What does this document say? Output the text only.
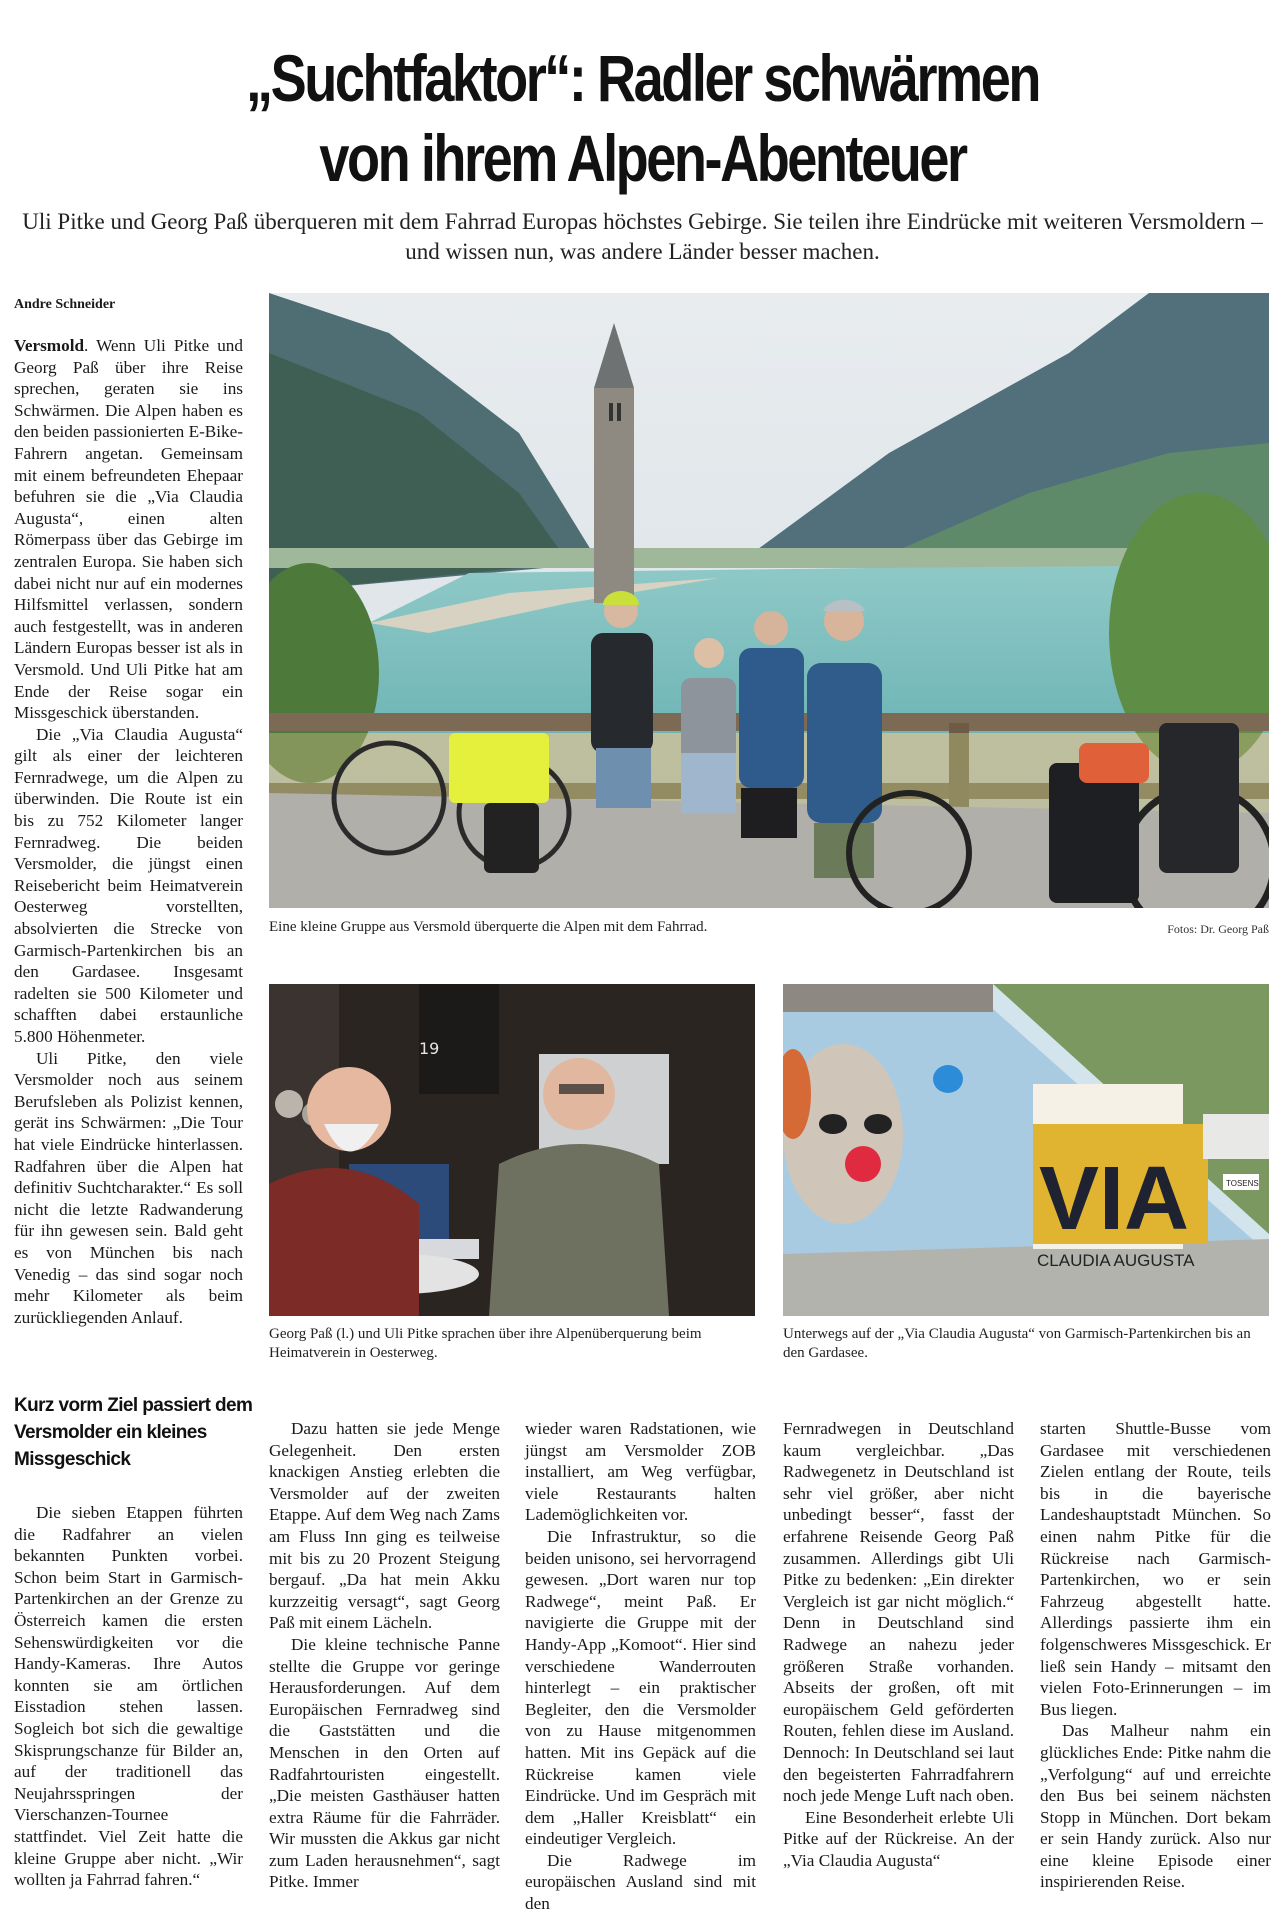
„Suchtfaktor“: Radler schwärmen
von ihrem Alpen-Abenteuer
Uli Pitke und Georg Paß überqueren mit dem Fahrrad Europas höchstes Gebirge. Sie teilen ihre Eindrücke mit weiteren Versmoldern – und wissen nun, was andere Länder besser machen.
Andre Schneider

Versmold. Wenn Uli Pitke und Georg Paß über ihre Reise sprechen, geraten sie ins Schwärmen. Die Alpen haben es den beiden passionierten E-Bike-Fahrern angetan. Gemeinsam mit einem befreundeten Ehepaar befuhren sie die „Via Claudia Augusta“, einen alten Römerpass über das Gebirge im zentralen Europa. Sie haben sich dabei nicht nur auf ein modernes Hilfsmittel verlassen, sondern auch festgestellt, was in anderen Ländern Europas besser ist als in Versmold. Und Uli Pitke hat am Ende der Reise sogar ein Missgeschick überstanden.

Die „Via Claudia Augusta“ gilt als einer der leichteren Fernradwege, um die Alpen zu überwinden. Die Route ist ein bis zu 752 Kilometer langer Fernradweg. Die beiden Versmolder, die jüngst einen Reisebericht beim Heimatverein Oesterweg vorstellten, absolvierten die Strecke von Garmisch-Partenkirchen bis an den Gardasee. Insgesamt radelten sie 500 Kilometer und schafften dabei erstaunliche 5.800 Höhenmeter.

Uli Pitke, den viele Versmolder noch aus seinem Berufsleben als Polizist kennen, gerät ins Schwärmen: „Die Tour hat viele Eindrücke hinterlassen. Radfahren über die Alpen hat definitiv Suchtcharakter.“ Es soll nicht die letzte Radwanderung für ihn gewesen sein. Bald geht es von München bis nach Venedig – das sind sogar noch mehr Kilometer als beim zurückliegenden Anlauf.

Eine kleine Gruppe aus Versmold überquerte die Alpen mit dem Fahrrad.	Fotos: Dr. Georg Paß
19
Georg Paß (l.) und Uli Pitke sprachen über ihre Alpenüberquerung beim Heimatverein in Oesterweg.
VIA
CLAUDIA AUGUSTA
TOSENS
Unterwegs auf der „Via Claudia Augusta“ von Garmisch-Partenkirchen bis an den Gardasee.
Kurz vorm Ziel passiert dem Versmolder ein kleines Missgeschick

Die sieben Etappen führten die Radfahrer an vielen bekannten Punkten vorbei. Schon beim Start in Garmisch-Partenkirchen an der Grenze zu Österreich kamen die ersten Sehenswürdigkeiten vor die Handy-Kameras. Ihre Autos konnten sie am örtlichen Eisstadion stehen lassen. Sogleich bot sich die gewaltige Skisprungschanze für Bilder an, auf der traditionell das Neujahrsspringen der Vierschanzen-Tournee stattfindet. Viel Zeit hatte die kleine Gruppe aber nicht. „Wir wollten ja Fahrrad fahren.“

Dazu hatten sie jede Menge Gelegenheit. Den ersten knackigen Anstieg erlebten die Versmolder auf der zweiten Etappe. Auf dem Weg nach Zams am Fluss Inn ging es teilweise mit bis zu 20 Prozent Steigung bergauf. „Da hat mein Akku kurzzeitig versagt“, sagt Georg Paß mit einem Lächeln.

Die kleine technische Panne stellte die Gruppe vor geringe Herausforderungen. Auf dem Europäischen Fernradweg sind die Gaststätten und die Menschen in den Orten auf Radfahrtouristen eingestellt. „Die meisten Gasthäuser hatten extra Räume für die Fahrräder. Wir mussten die Akkus gar nicht zum Laden herausnehmen“, sagt Pitke. Immer

wieder waren Radstationen, wie jüngst am Versmolder ZOB installiert, am Weg verfügbar, viele Restaurants halten Lademöglichkeiten vor.

Die Infrastruktur, so die beiden unisono, sei hervorragend gewesen. „Dort waren nur top Radwege“, meint Paß. Er navigierte die Gruppe mit der Handy-App „Komoot“. Hier sind verschiedene Wanderrouten hinterlegt – ein praktischer Begleiter, den die Versmolder von zu Hause mitgenommen hatten. Mit ins Gepäck auf die Rückreise kamen viele Eindrücke. Und im Gespräch mit dem „Haller Kreisblatt“ ein eindeutiger Vergleich.

Die Radwege im europäischen Ausland sind mit den

Fernradwegen in Deutschland kaum vergleichbar. „Das Radwegenetz in Deutschland ist sehr viel größer, aber nicht unbedingt besser“, fasst der erfahrene Reisende Georg Paß zusammen. Allerdings gibt Uli Pitke zu bedenken: „Ein direkter Vergleich ist gar nicht möglich.“ Denn in Deutschland sind Radwege an nahezu jeder größeren Straße vorhanden. Abseits der großen, oft mit europäischem Geld geförderten Routen, fehlen diese im Ausland. Dennoch: In Deutschland sei laut den begeisterten Fahrradfahrern noch jede Menge Luft nach oben.

Eine Besonderheit erlebte Uli Pitke auf der Rückreise. An der „Via Claudia Augusta“

starten Shuttle-Busse vom Gardasee mit verschiedenen Zielen entlang der Route, teils bis in die bayerische Landeshauptstadt München. So einen nahm Pitke für die Rückreise nach Garmisch-Partenkirchen, wo er sein Fahrzeug abgestellt hatte. Allerdings passierte ihm ein folgenschweres Missgeschick. Er ließ sein Handy – mitsamt den vielen Foto-Erinnerungen – im Bus liegen.

Das Malheur nahm ein glückliches Ende: Pitke nahm die „Verfolgung“ auf und erreichte den Bus bei seinem nächsten Stopp in München. Dort bekam er sein Handy zurück. Also nur eine kleine Episode einer inspirierenden Reise.
